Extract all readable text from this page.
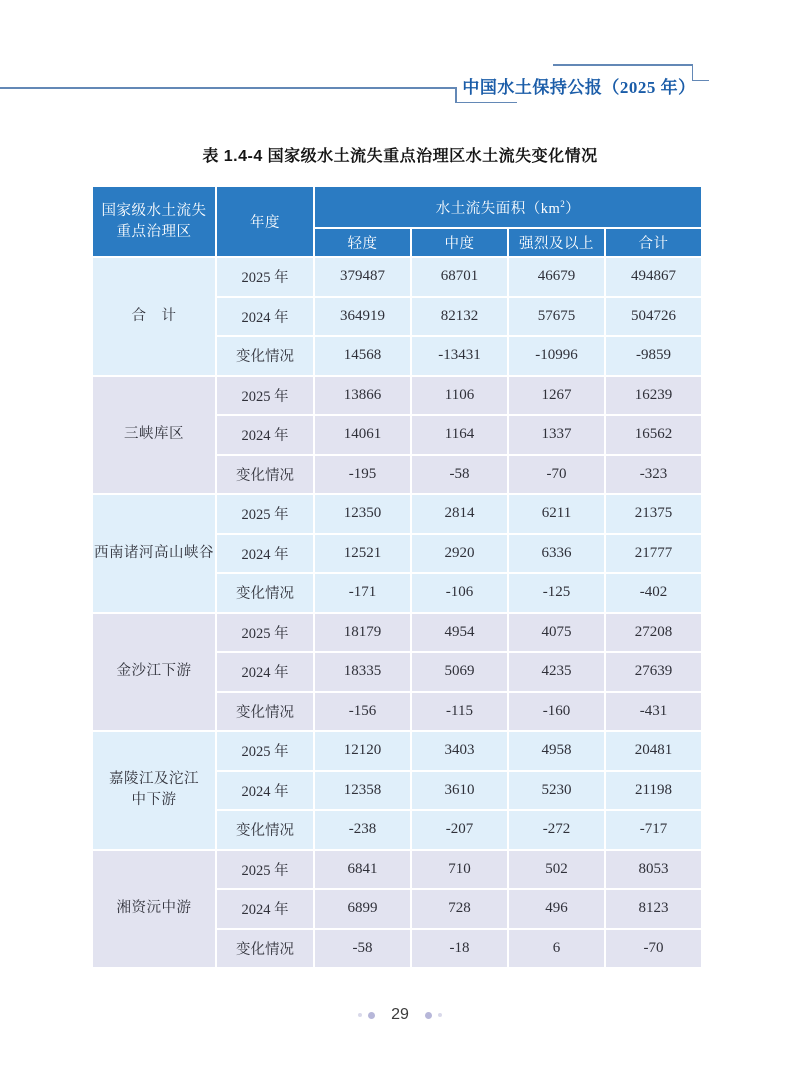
中国水土保持公报（2025 年）
表 1.4-4 国家级水土流失重点治理区水土流失变化情况
国家级水土流失
重点治理区	年度	水土流失面积$(km^2)$			
		轻度	中度	强烈及以上	合计

合　计	2025 年	379487	68701	46679	494867
	2024 年	364919	82132	57675	504726
	变化情况	14568	-13431	-10996	-9859

三峡库区	2025 年	13866	1106	1267	16239
	2024 年	14061	1164	1337	16562
	变化情况	-195	-58	-70	-323

西南诸河高山峡谷	2025 年	12350	2814	6211	21375
	2024 年	12521	2920	6336	21777
	变化情况	-171	-106	-125	-402

金沙江下游	2025 年	18179	4954	4075	27208
	2024 年	18335	5069	4235	27639
	变化情况	-156	-115	-160	-431

嘉陵江及沱江
中下游	2025 年	12120	3403	4958	20481
	2024 年	12358	3610	5230	21198
	变化情况	-238	-207	-272	-717

湘资沅中游	2025 年	6841	710	502	8053
	2024 年	6899	728	496	8123
	变化情况	-58	-18	6	-70
29
